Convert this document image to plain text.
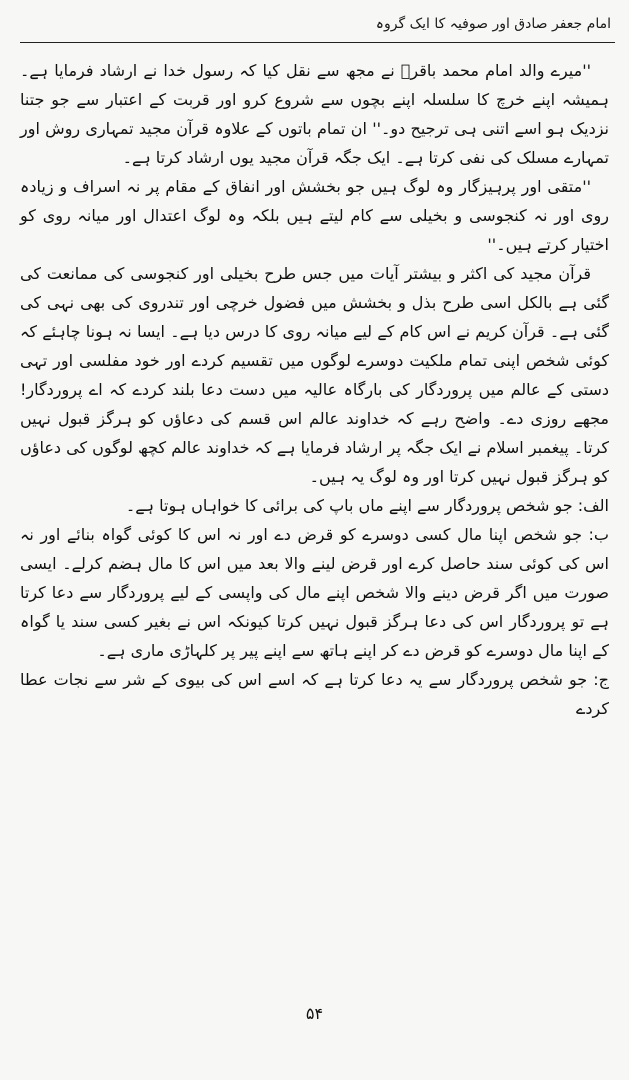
امام جعفر صادق اور صوفیہ کا ایک گروہ

''میرے والد امام محمد باقرؑ نے مجھ سے نقل کیا کہ رسول خدا نے ارشاد فرمایا ہے۔ ہمیشہ اپنے خرچ کا سلسلہ اپنے بچوں سے شروع کرو اور قربت کے اعتبار سے جو جتنا نزدیک ہو اسے اتنی ہی ترجیح دو۔'' ان تمام باتوں کے علاوہ قرآن مجید تمہاری روش اور تمہارے مسلک کی نفی کرتا ہے۔ ایک جگہ قرآن مجید یوں ارشاد کرتا ہے۔

''متقی اور پرہیزگار وہ لوگ ہیں جو بخشش اور انفاق کے مقام پر نہ اسراف و زیادہ روی اور نہ کنجوسی و بخیلی سے کام لیتے ہیں بلکہ وہ لوگ اعتدال اور میانہ روی کو اختیار کرتے ہیں۔''

قرآن مجید کی اکثر و بیشتر آیات میں جس طرح بخیلی اور کنجوسی کی ممانعت کی گئی ہے بالکل اسی طرح بذل و بخشش میں فضول خرچی اور تندروی کی بھی نہی کی گئی ہے۔ قرآن کریم نے اس کام کے لیے میانہ روی کا درس دیا ہے۔ ایسا نہ ہونا چاہئے کہ کوئی شخص اپنی تمام ملکیت دوسرے لوگوں میں تقسیم کردے اور خود مفلسی اور تہی دستی کے عالم میں پروردگار کی بارگاہ عالیہ میں دست دعا بلند کردے کہ اے پروردگار! مجھے روزی دے۔ واضح رہے کہ خداوند عالم اس قسم کی دعاؤں کو ہرگز قبول نہیں کرتا۔ پیغمبر اسلام نے ایک جگہ پر ارشاد فرمایا ہے کہ خداوند عالم کچھ لوگوں کی دعاؤں کو ہرگز قبول نہیں کرتا اور وہ لوگ یہ ہیں۔

الف: جو شخص پروردگار سے اپنے ماں باپ کی برائی کا خواہاں ہوتا ہے۔

ب: جو شخص اپنا مال کسی دوسرے کو قرض دے اور نہ اس کا کوئی گواہ بنائے اور نہ اس کی کوئی سند حاصل کرے اور قرض لینے والا بعد میں اس کا مال ہضم کرلے۔ ایسی صورت میں اگر قرض دینے والا شخص اپنے مال کی واپسی کے لیے پروردگار سے دعا کرتا ہے تو پروردگار اس کی دعا ہرگز قبول نہیں کرتا کیونکہ اس نے بغیر کسی سند یا گواہ کے اپنا مال دوسرے کو قرض دے کر اپنے ہاتھ سے اپنے پیر پر کلہاڑی ماری ہے۔

ج: جو شخص پروردگار سے یہ دعا کرتا ہے کہ اسے اس کی بیوی کے شر سے نجات عطا کردے

۵۴
